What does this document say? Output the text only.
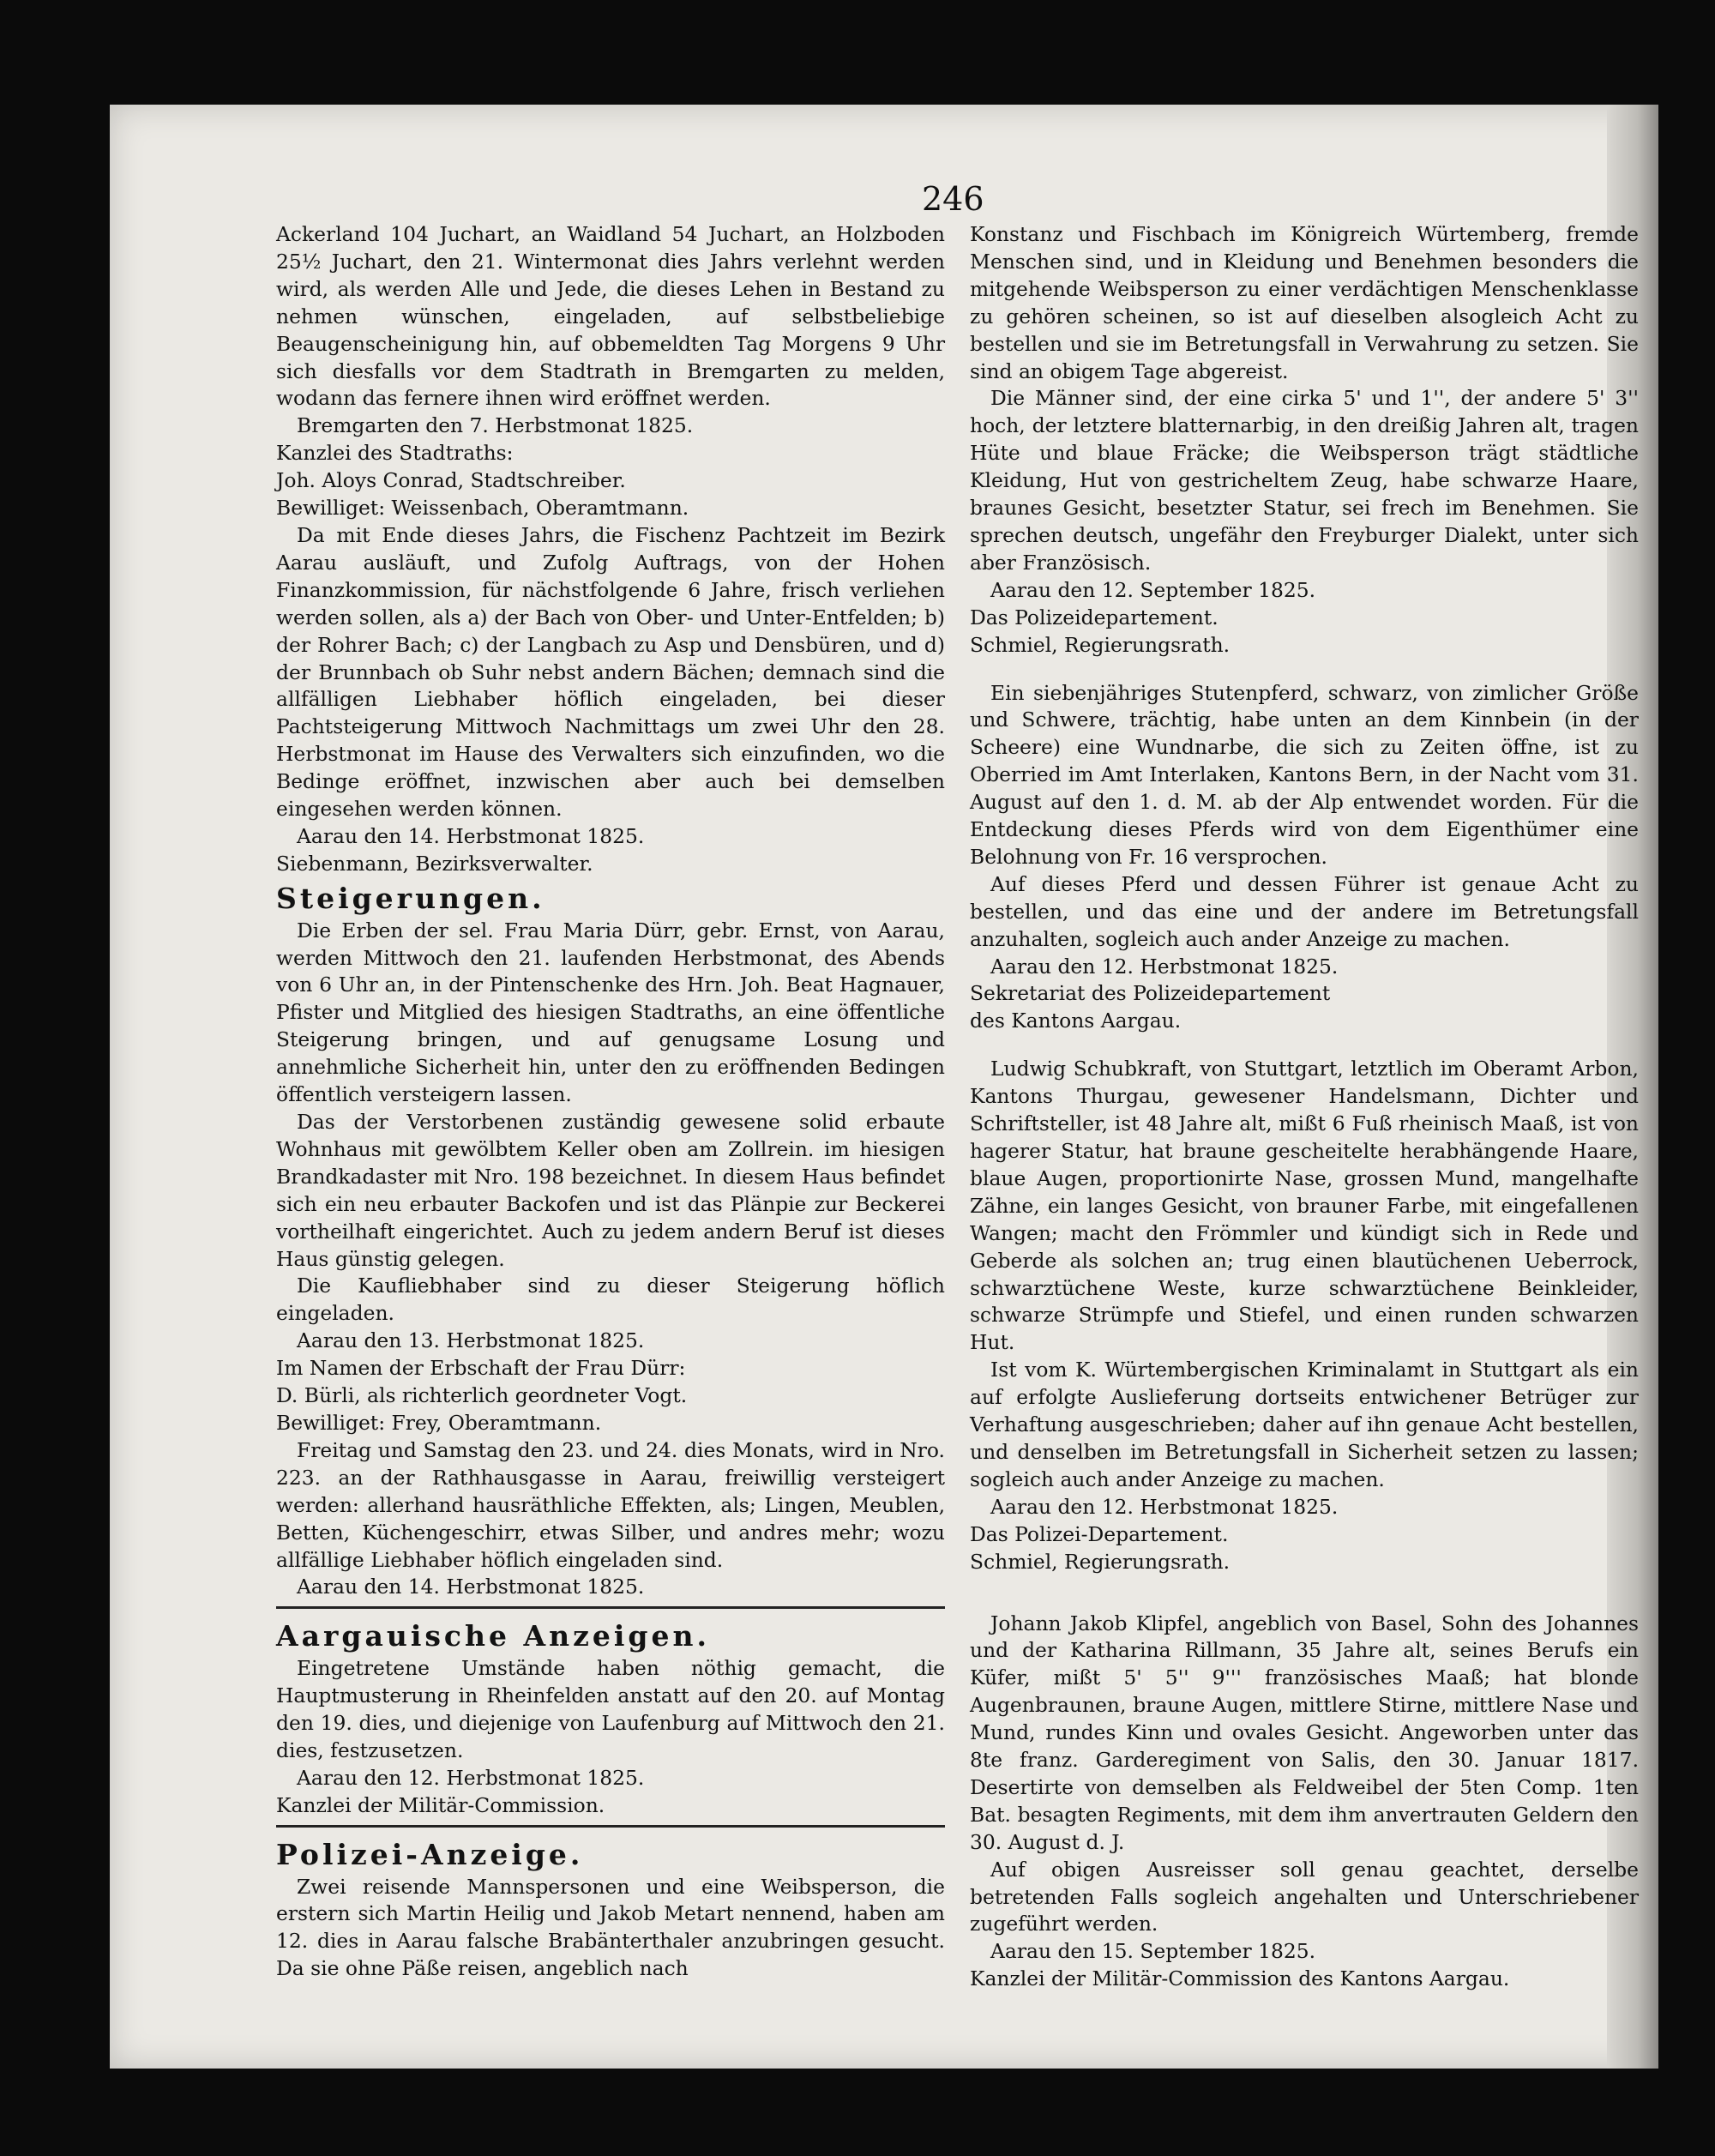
246

Ackerland 104 Juchart, an Waidland 54 Juchart, an Holzboden 25½ Juchart, den 21. Wintermonat dies Jahrs verlehnt werden wird, als werden Alle und Jede, die dieses Lehen in Bestand zu nehmen wünschen, eingeladen, auf selbstbeliebige Beaugenscheinigung hin, auf obbemeldten Tag Morgens 9 Uhr sich diesfalls vor dem Stadtrath in Bremgarten zu melden, wodann das fernere ihnen wird eröffnet werden.

Bremgarten den 7. Herbstmonat 1825.

Kanzlei des Stadtraths:

Joh. Aloys Conrad, Stadtschreiber.

Bewilliget: Weissenbach, Oberamtmann.

Da mit Ende dieses Jahrs, die Fischenz Pachtzeit im Bezirk Aarau ausläuft, und Zufolg Auftrags, von der Hohen Finanzkommission, für nächstfolgende 6 Jahre, frisch verliehen werden sollen, als a) der Bach von Ober- und Unter-Entfelden; b) der Rohrer Bach; c) der Langbach zu Asp und Densbüren, und d) der Brunnbach ob Suhr nebst andern Bächen; demnach sind die allfälligen Liebhaber höflich eingeladen, bei dieser Pachtsteigerung Mittwoch Nachmittags um zwei Uhr den 28. Herbstmonat im Hause des Verwalters sich einzufinden, wo die Bedinge eröffnet, inzwischen aber auch bei demselben eingesehen werden können.

Aarau den 14. Herbstmonat 1825.

Siebenmann, Bezirksverwalter.

Steigerungen.

Die Erben der sel. Frau Maria Dürr, gebr. Ernst, von Aarau, werden Mittwoch den 21. laufenden Herbstmonat, des Abends von 6 Uhr an, in der Pintenschenke des Hrn. Joh. Beat Hagnauer, Pfister und Mitglied des hiesigen Stadtraths, an eine öffentliche Steigerung bringen, und auf genugsame Losung und annehmliche Sicherheit hin, unter den zu eröffnenden Bedingen öffentlich versteigern lassen.

Das der Verstorbenen zuständig gewesene solid erbaute Wohnhaus mit gewölbtem Keller oben am Zollrein. im hiesigen Brandkadaster mit Nro. 198 bezeichnet. In diesem Haus befindet sich ein neu erbauter Backofen und ist das Plänpie zur Beckerei vortheilhaft eingerichtet. Auch zu jedem andern Beruf ist dieses Haus günstig gelegen.

Die Kaufliebhaber sind zu dieser Steigerung höflich eingeladen.

Aarau den 13. Herbstmonat 1825.

Im Namen der Erbschaft der Frau Dürr:

D. Bürli, als richterlich geordneter Vogt.

Bewilliget: Frey, Oberamtmann.

Freitag und Samstag den 23. und 24. dies Monats, wird in Nro. 223. an der Rathhausgasse in Aarau, freiwillig versteigert werden: allerhand hausräthliche Effekten, als; Lingen, Meublen, Betten, Küchengeschirr, etwas Silber, und andres mehr; wozu allfällige Liebhaber höflich eingeladen sind.

Aarau den 14. Herbstmonat 1825.

Aargauische Anzeigen.

Eingetretene Umstände haben nöthig gemacht, die Hauptmusterung in Rheinfelden anstatt auf den 20. auf Montag den 19. dies, und diejenige von Laufenburg auf Mittwoch den 21. dies, festzusetzen.

Aarau den 12. Herbstmonat 1825.

Kanzlei der Militär-Commission.

Polizei-Anzeige.

Zwei reisende Mannspersonen und eine Weibsperson, die erstern sich Martin Heilig und Jakob Metart nennend, haben am 12. dies in Aarau falsche Brabänterthaler anzubringen gesucht. Da sie ohne Päße reisen, angeblich nach

Konstanz und Fischbach im Königreich Würtemberg, fremde Menschen sind, und in Kleidung und Benehmen besonders die mitgehende Weibsperson zu einer verdächtigen Menschenklasse zu gehören scheinen, so ist auf dieselben alsogleich Acht zu bestellen und sie im Betretungsfall in Verwahrung zu setzen. Sie sind an obigem Tage abgereist.

Die Männer sind, der eine cirka 5' und 1'', der andere 5' 3'' hoch, der letztere blatternarbig, in den dreißig Jahren alt, tragen Hüte und blaue Fräcke; die Weibsperson trägt städtliche Kleidung, Hut von gestricheltem Zeug, habe schwarze Haare, braunes Gesicht, besetzter Statur, sei frech im Benehmen. Sie sprechen deutsch, ungefähr den Freyburger Dialekt, unter sich aber Französisch.

Aarau den 12. September 1825.

Das Polizeidepartement.

Schmiel, Regierungsrath.

Ein siebenjähriges Stutenpferd, schwarz, von zimlicher Größe und Schwere, trächtig, habe unten an dem Kinnbein (in der Scheere) eine Wundnarbe, die sich zu Zeiten öffne, ist zu Oberried im Amt Interlaken, Kantons Bern, in der Nacht vom 31. August auf den 1. d. M. ab der Alp entwendet worden. Für die Entdeckung dieses Pferds wird von dem Eigenthümer eine Belohnung von Fr. 16 versprochen.

Auf dieses Pferd und dessen Führer ist genaue Acht zu bestellen, und das eine und der andere im Betretungsfall anzuhalten, sogleich auch ander Anzeige zu machen.

Aarau den 12. Herbstmonat 1825.

Sekretariat des Polizeidepartement

des Kantons Aargau.

Ludwig Schubkraft, von Stuttgart, letztlich im Oberamt Arbon, Kantons Thurgau, gewesener Handelsmann, Dichter und Schriftsteller, ist 48 Jahre alt, mißt 6 Fuß rheinisch Maaß, ist von hagerer Statur, hat braune gescheitelte herabhängende Haare, blaue Augen, proportionirte Nase, grossen Mund, mangelhafte Zähne, ein langes Gesicht, von brauner Farbe, mit eingefallenen Wangen; macht den Frömmler und kündigt sich in Rede und Geberde als solchen an; trug einen blautüchenen Ueberrock, schwarztüchene Weste, kurze schwarztüchene Beinkleider, schwarze Strümpfe und Stiefel, und einen runden schwarzen Hut.

Ist vom K. Würtembergischen Kriminalamt in Stuttgart als ein auf erfolgte Auslieferung dortseits entwichener Betrüger zur Verhaftung ausgeschrieben; daher auf ihn genaue Acht bestellen, und denselben im Betretungsfall in Sicherheit setzen zu lassen; sogleich auch ander Anzeige zu machen.

Aarau den 12. Herbstmonat 1825.

Das Polizei-Departement.

Schmiel, Regierungsrath.

Johann Jakob Klipfel, angeblich von Basel, Sohn des Johannes und der Katharina Rillmann, 35 Jahre alt, seines Berufs ein Küfer, mißt 5' 5'' 9''' französisches Maaß; hat blonde Augenbraunen, braune Augen, mittlere Stirne, mittlere Nase und Mund, rundes Kinn und ovales Gesicht. Angeworben unter das 8te franz. Garderegiment von Salis, den 30. Januar 1817. Desertirte von demselben als Feldweibel der 5ten Comp. 1ten Bat. besagten Regiments, mit dem ihm anvertrauten Geldern den 30. August d. J.

Auf obigen Ausreisser soll genau geachtet, derselbe betretenden Falls sogleich angehalten und Unterschriebener zugeführt werden.

Aarau den 15. September 1825.

Kanzlei der Militär-Commission des Kantons Aargau.
